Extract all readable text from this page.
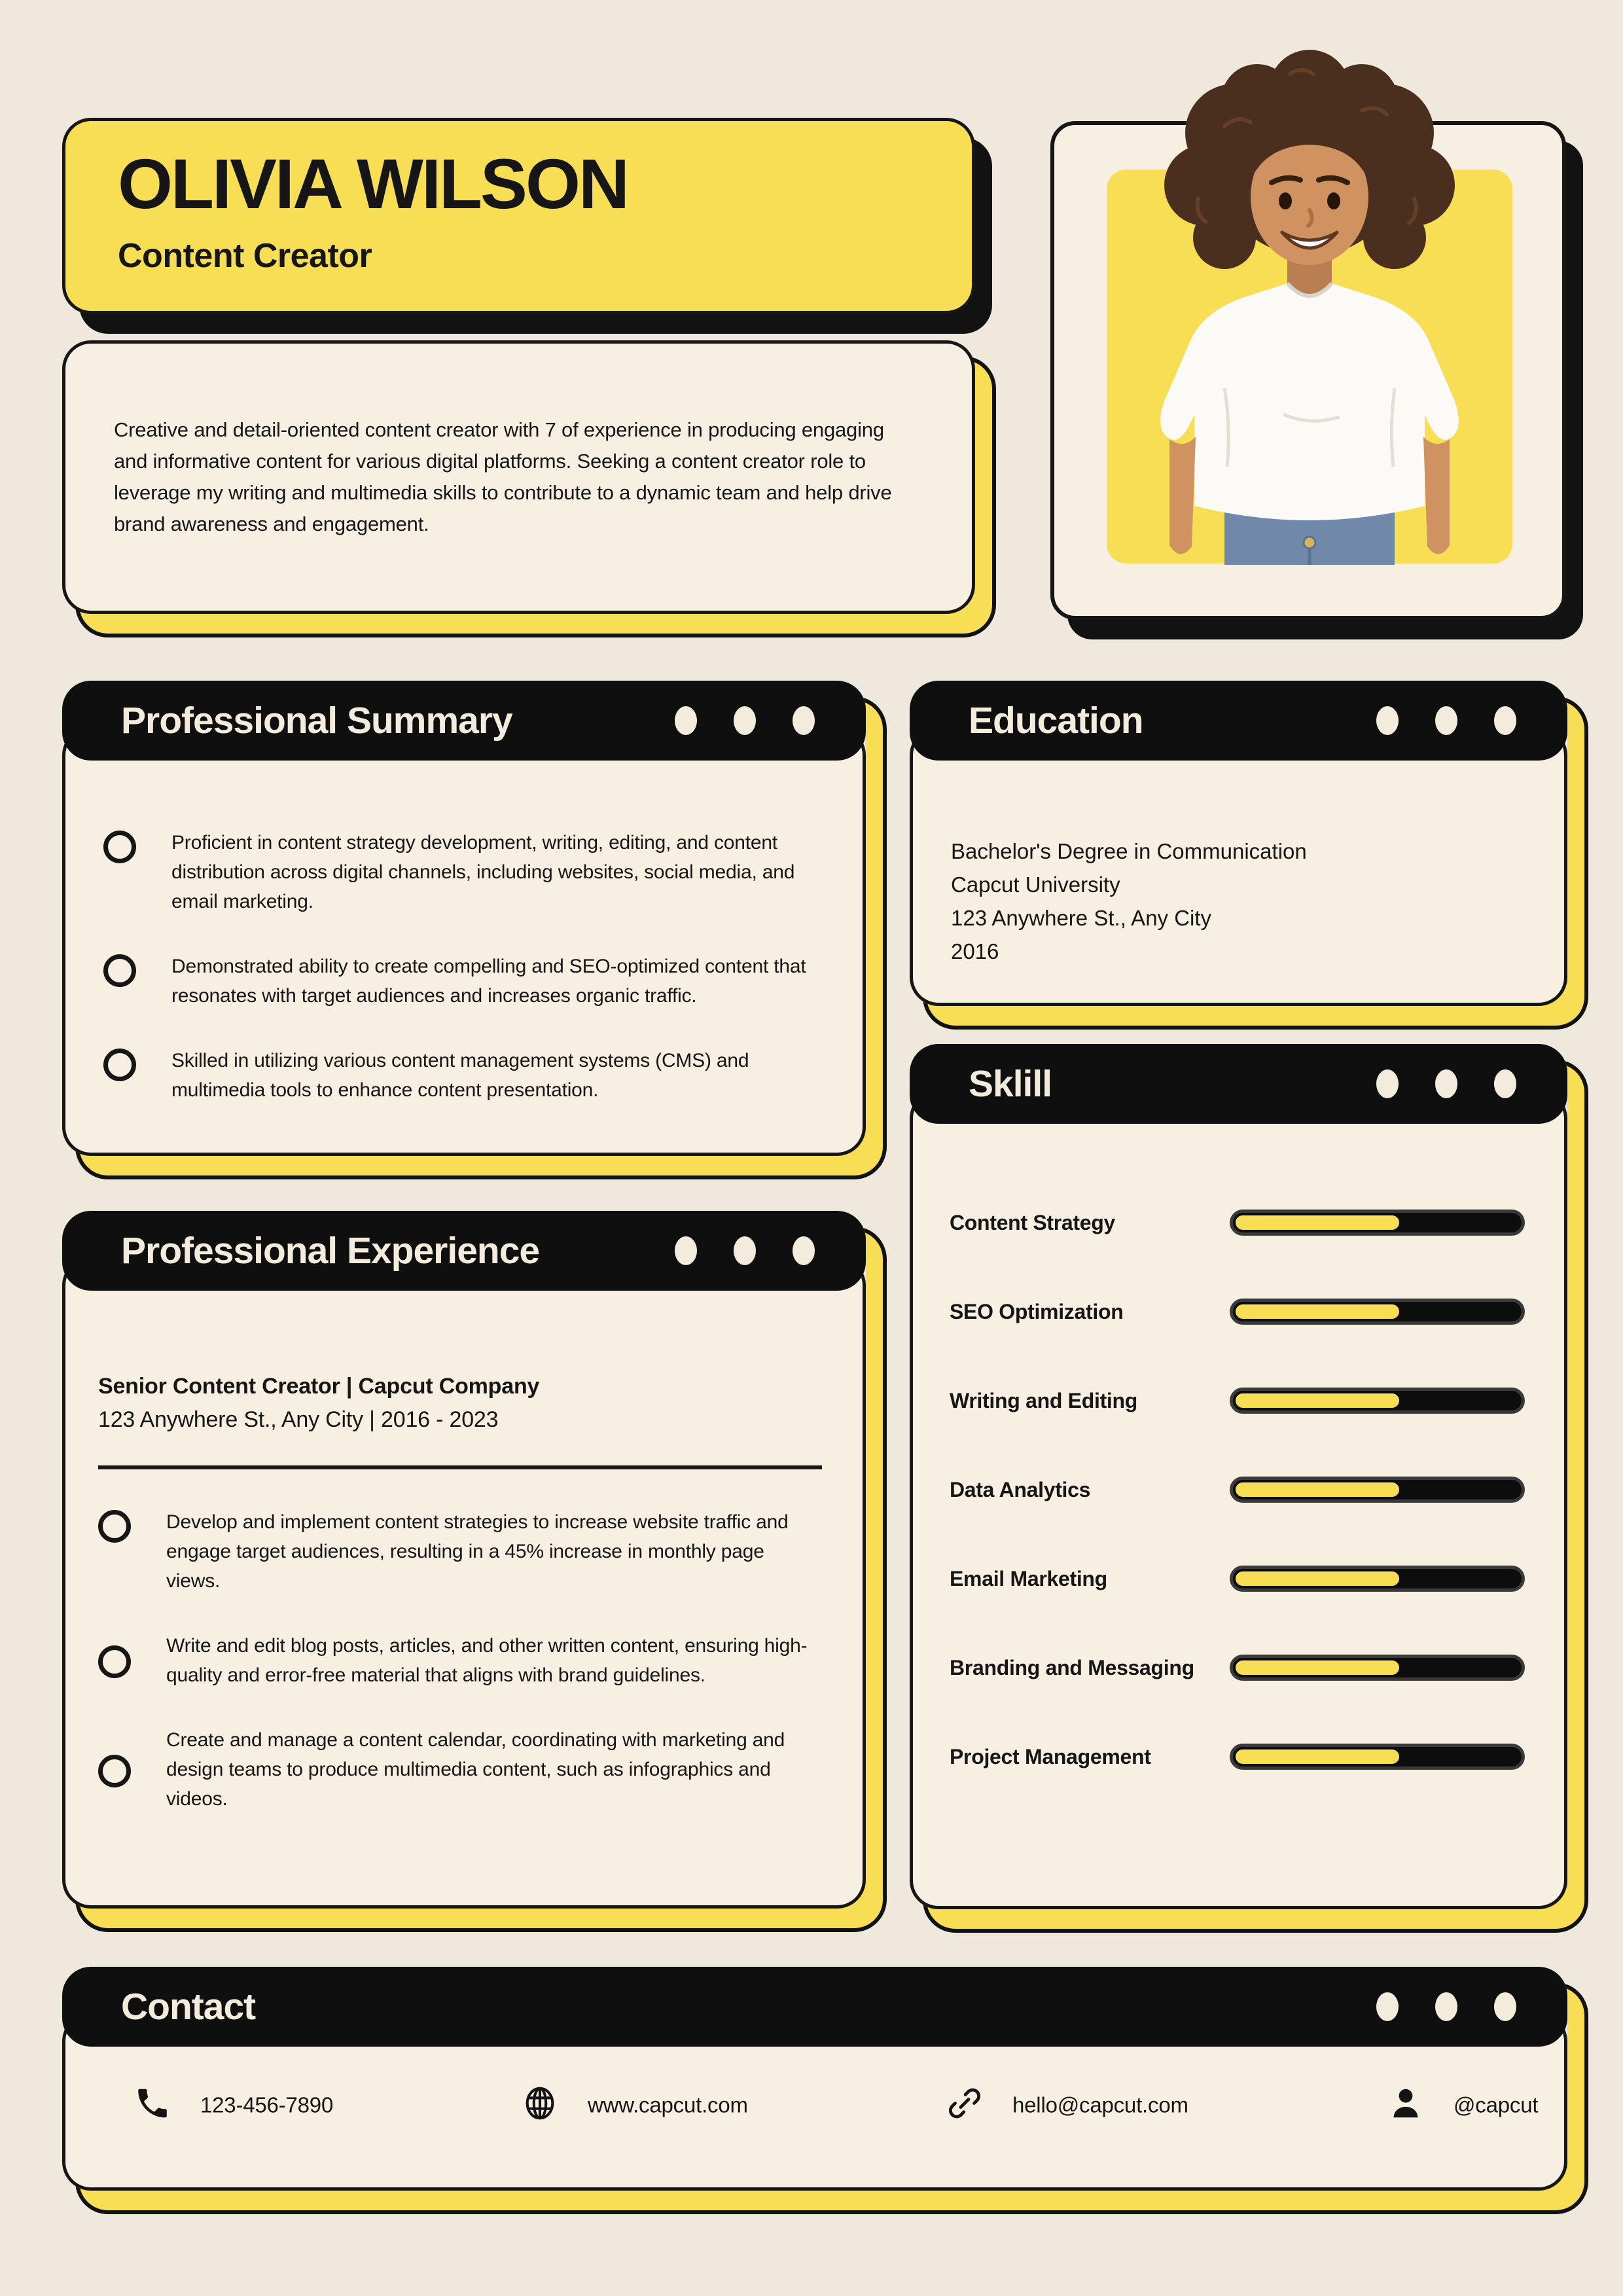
OLIVIA WILSON
Content Creator

Creative and detail-oriented content creator with 7 of experience in producing engaging and informative content for various digital platforms. Seeking a content creator role to leverage my writing and multimedia skills to contribute to a dynamic team and help drive brand awareness and engagement.

Proficient in content strategy development, writing, editing, and content distribution across digital channels, including websites, social media, and email marketing.

Demonstrated ability to create compelling and SEO-optimized content that resonates with target audiences and increases organic traffic.

Skilled in utilizing various content management systems (CMS) and multimedia tools to enhance content presentation.

Professional Summary

Bachelor's Degree in Communication

Capcut University

123 Anywhere St., Any City

2016

Education
Content Strategy
SEO Optimization
Writing and Editing
Data Analytics
Email Marketing
Branding and Messaging
Project Management
Sklill

Senior Content Creator | Capcut Company

123 Anywhere St., Any City | 2016 - 2023

Develop and implement content strategies to increase website traffic and engage target audiences, resulting in a 45% increase in monthly page views.

Write and edit blog posts, articles, and other written content, ensuring high-quality and error-free material that aligns with brand guidelines.

Create and manage a content calendar, coordinating with marketing and design teams to produce multimedia content, such as infographics and videos.

Professional Experience
123-456-7890	www.capcut.com	hello@capcut.com	@capcut
Contact
